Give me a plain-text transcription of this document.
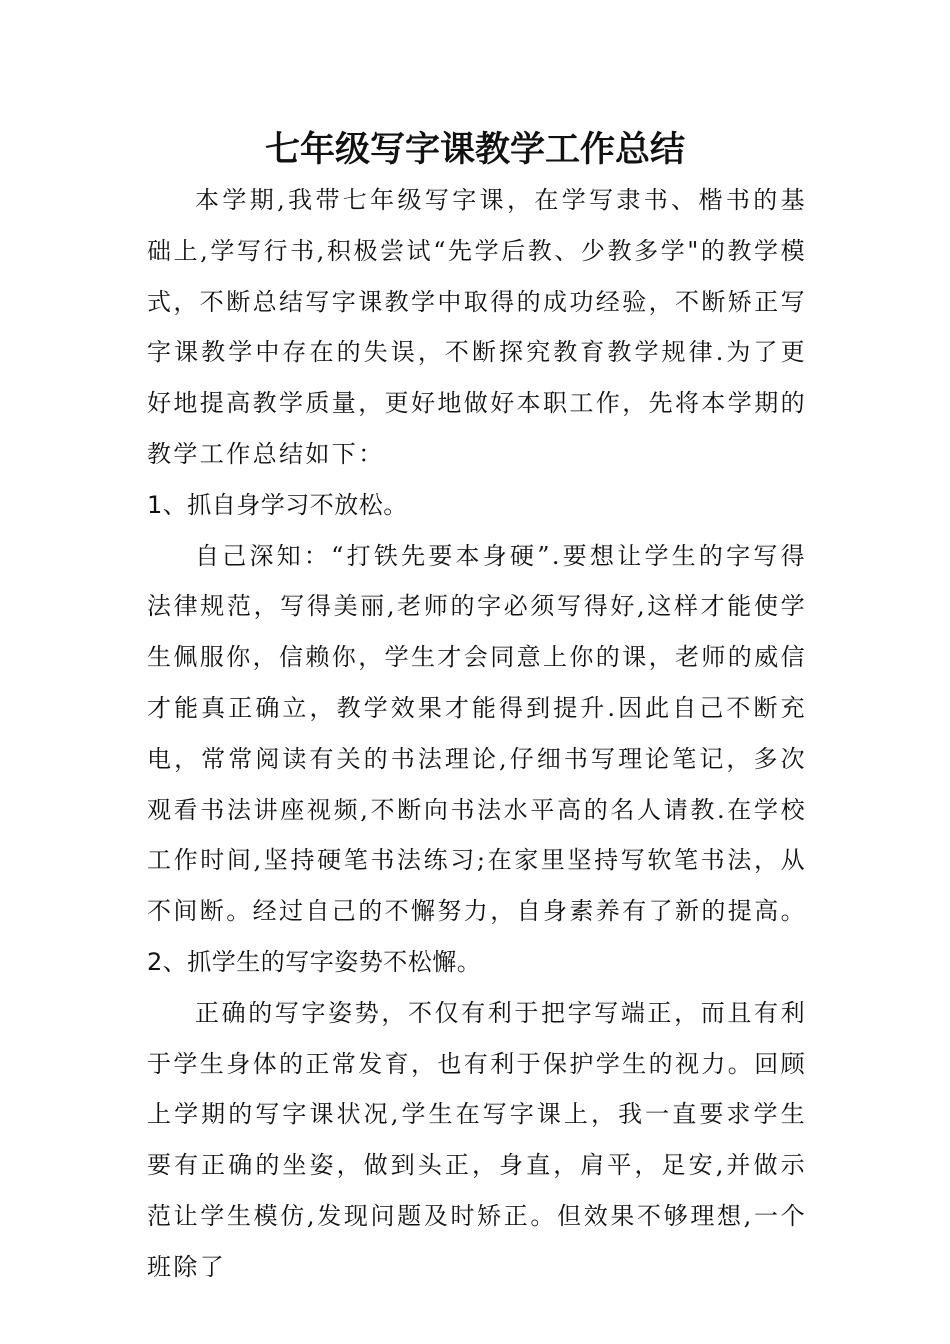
七年级写字课教学工作总结

本学期,我带七年级写字课，在学写隶书、楷书的基础上,学写行书,积极尝试“先学后教、少教多学"的教学模式，不断总结写字课教学中取得的成功经验，不断矫正写字课教学中存在的失误，不断探究教育教学规律.为了更好地提高教学质量，更好地做好本职工作，先将本学期的教学工作总结如下：

1、抓自身学习不放松。

自己深知：“打铁先要本身硬”.要想让学生的字写得法律规范，写得美丽,老师的字必须写得好,这样才能使学生佩服你，信赖你，学生才会同意上你的课，老师的威信才能真正确立，教学效果才能得到提升.因此自己不断充电，常常阅读有关的书法理论,仔细书写理论笔记，多次观看书法讲座视频,不断向书法水平高的名人请教.在学校工作时间,坚持硬笔书法练习;在家里坚持写软笔书法，从不间断。经过自己的不懈努力，自身素养有了新的提高。

2、抓学生的写字姿势不松懈。

正确的写字姿势，不仅有利于把字写端正，而且有利于学生身体的正常发育，也有利于保护学生的视力。回顾上学期的写字课状况,学生在写字课上，我一直要求学生要有正确的坐姿，做到头正，身直，肩平，足安,并做示范让学生模仿,发现问题及时矫正。但效果不够理想,一个班除了
